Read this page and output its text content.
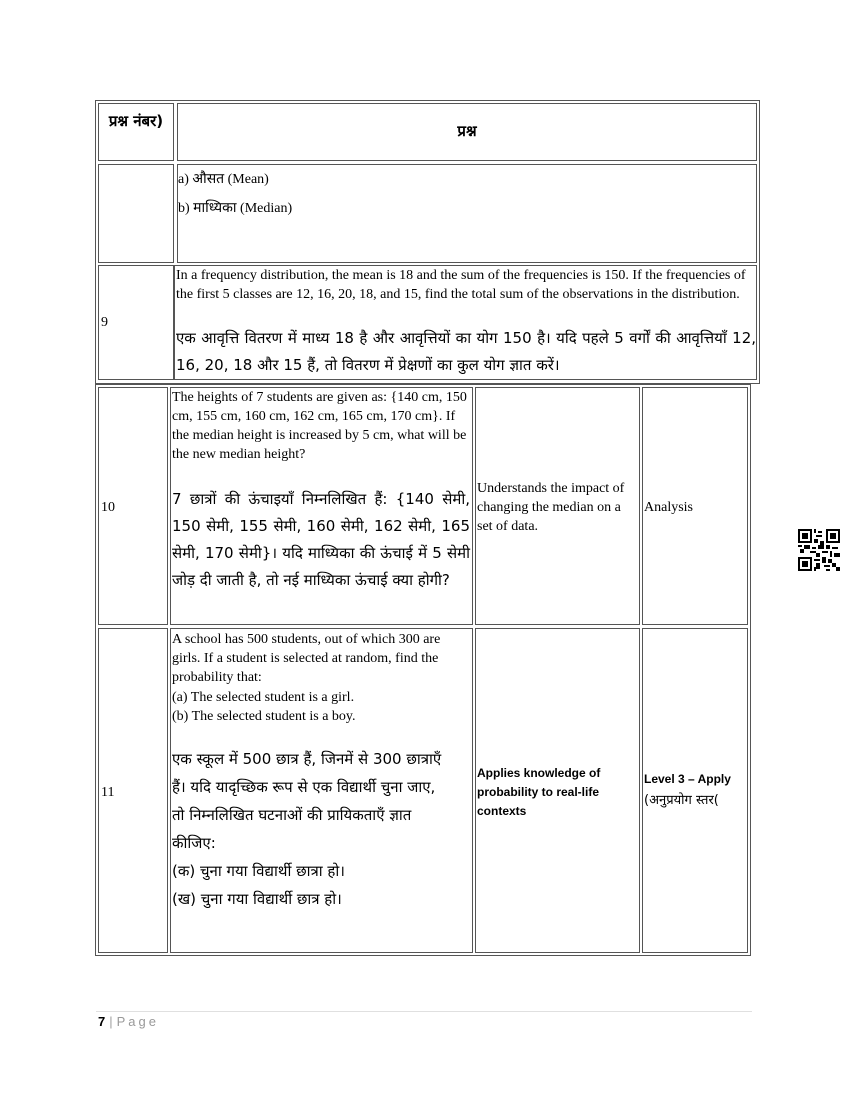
प्रश्न नंबर)
प्रश्न

a) औसत (Mean)

b) माध्यिका (Median)

9

In a frequency distribution, the mean is 18 and the sum of the frequencies is 150. If the frequencies of the first 5 classes are 12, 16, 20, 18, and 15, find the total sum of the observations in the distribution.

एक आवृत्ति वितरण में माध्य 18 है और आवृत्तियों का योग 150 है। यदि पहले 5 वर्गों की आवृत्तियाँ 12, 16, 20, 18 और 15 हैं, तो वितरण में प्रेक्षणों का कुल योग ज्ञात करें।

10

The heights of 7 students are given as: {140 cm, 150 cm, 155 cm, 160 cm, 162 cm, 165 cm, 170 cm}. If the median height is increased by 5 cm, what will be the new median height?

7 छात्रों की ऊंचाइयाँ निम्नलिखित हैं: {140 सेमी, 150 सेमी, 155 सेमी, 160 सेमी, 162 सेमी, 165 सेमी, 170 सेमी}। यदि माध्यिका की ऊंचाई में 5 सेमी जोड़ दी जाती है, तो नई माध्यिका ऊंचाई क्या होगी?

Understands the impact of changing the median on a set of data.

Analysis

11

A school has 500 students, out of which 300 are girls. If a student is selected at random, find the probability that:

(a) The selected student is a girl.

(b) The selected student is a boy.

एक स्कूल में 500 छात्र हैं, जिनमें से 300 छात्राएँ हैं। यदि यादृच्छिक रूप से एक विद्यार्थी चुना जाए, तो निम्नलिखित घटनाओं की प्रायिकताएँ ज्ञात कीजिए:

(क) चुना गया विद्यार्थी छात्रा हो।

(ख) चुना गया विद्यार्थी छात्र हो।

Applies knowledge of probability to real-life contexts

Level 3 – Apply

(अनुप्रयोग स्तर(

7 | Page
